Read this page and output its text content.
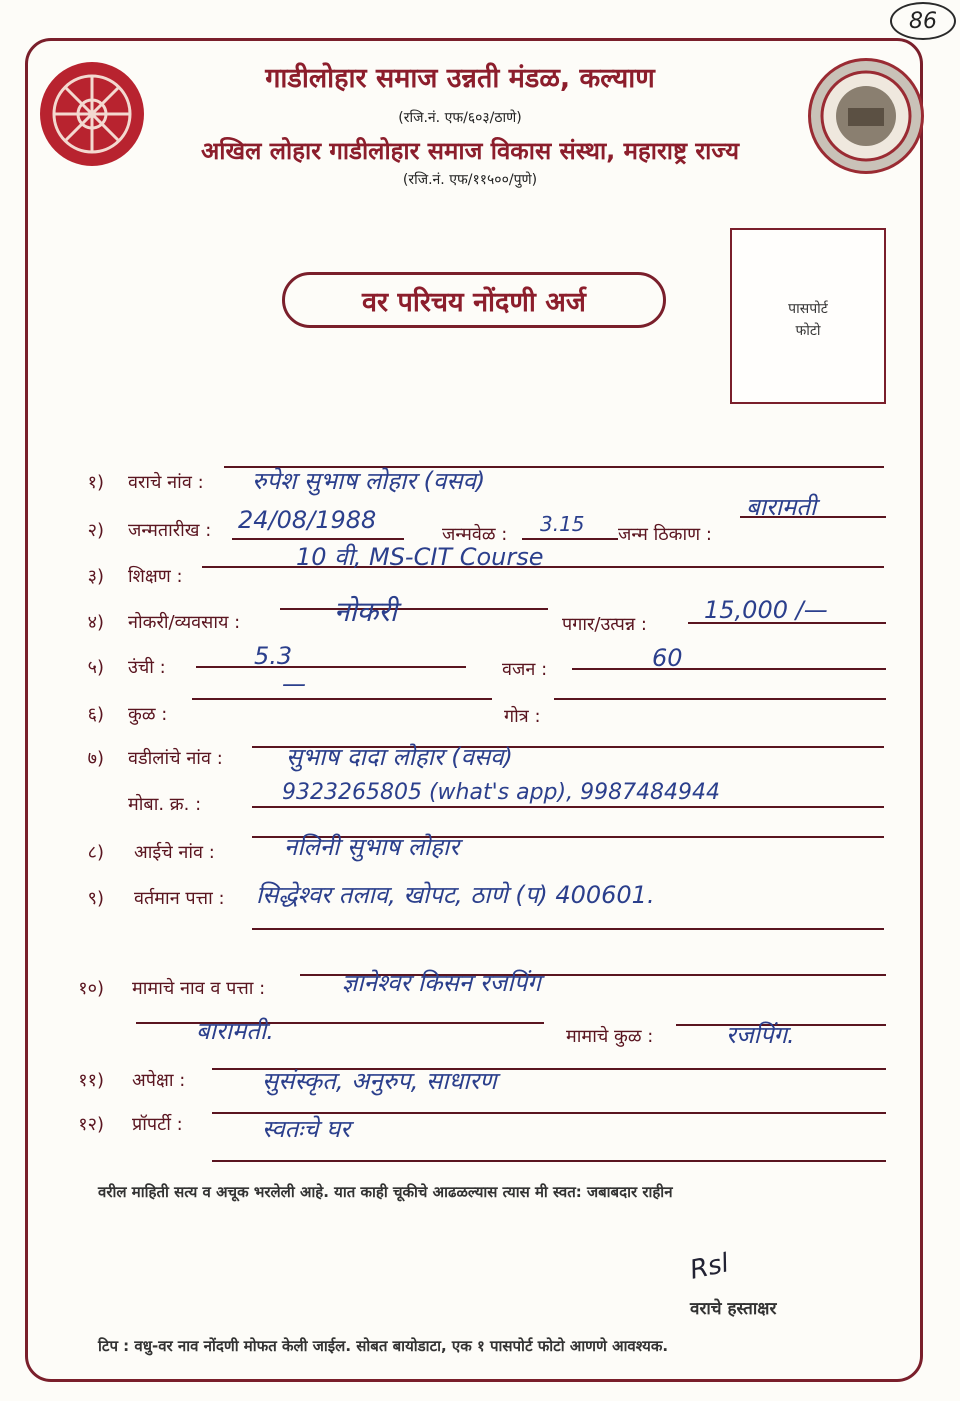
86
गाडीलोहार समाज उन्नती मंडळ, कल्याण
(रजि.नं. एफ/६०३/ठाणे)
अखिल लोहार गाडीलोहार समाज विकास संस्था, महाराष्ट्र राज्य
(रजि.नं. एफ/११५००/पुणे)
वर परिचय नोंदणी अर्ज	पासपोर्ट
फोटो
१) वराचे नांव : रुपेश सुभाष लोहार (वसव)
२) जन्मतारीख : 24/08/1988
जन्मवेळ : 3.15 जन्म ठिकाण :
बारामती
३) शिक्षण :
10 वी, MS-CIT Course
४) नोकरी/व्यवसाय :	नोकरी	पगार/उत्पन्न :
15,000 /—
५) उंची :	5.3	वजन :	60
६) कुळ :
—
गोत्र :
७) वडीलांचे नांव :	सुभाष दादा लोहार (वसव)
मोबा. क्र. :	9323265805 (what's app), 9987484944
८) आईचे नांव :	नलिनी सुभाष लोहार
९) वर्तमान पत्ता : सिद्धेश्वर तलाव, खोपट, ठाणे (प) 400601.
१०) मामाचे नाव व पत्ता :	ज्ञानेश्वर किसन रजपिंग
बारामती.	मामाचे कुळ :	रजपिंग.
११) अपेक्षा :	सुसंस्कृत, अनुरुप, साधारण
१२) प्रॉपर्टी :	स्वतःचे घर
वरील माहिती सत्य व अचूक भरलेली आहे. यात काही चूकीचे आढळल्यास त्यास मी स्वत: जबाबदार राहीन
Rsl
वराचे हस्ताक्षर
टिप : वधु-वर नाव नोंदणी मोफत केली जाईल. सोबत बायोडाटा, एक १ पासपोर्ट फोटो आणणे आवश्यक.
